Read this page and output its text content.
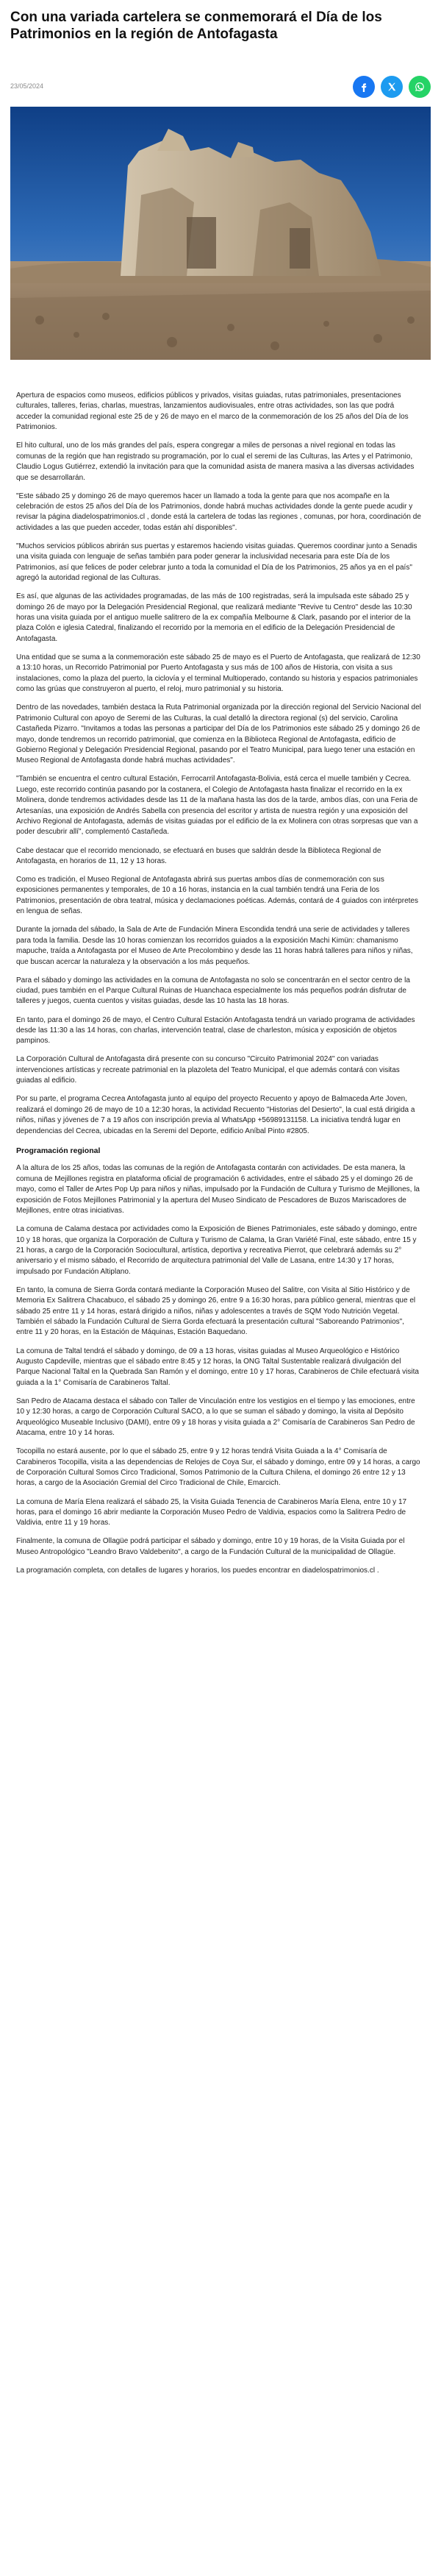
Con una variada cartelera se conmemorará el Día de los Patrimonios en la región de Antofagasta
23/05/2024

Apertura de espacios como museos, edificios públicos y privados, visitas guiadas, rutas patrimoniales, presentaciones culturales, talleres, ferias, charlas, muestras, lanzamientos audiovisuales, entre otras actividades, son las que podrá acceder la comunidad regional este 25 de y 26 de mayo en el marco de la conmemoración de los 25 años del Día de los Patrimonios.

El hito cultural, uno de los más grandes del país, espera congregar a miles de personas a nivel regional en todas las comunas de la región que han registrado su programación, por lo cual el seremi de las Culturas, las Artes y el Patrimonio, Claudio Logus Gutiérrez, extendió la invitación para que la comunidad asista de manera masiva a las diversas actividades que se desarrollarán.

"Este sábado 25 y domingo 26 de mayo queremos hacer un llamado a toda la gente para que nos acompañe en la celebración de estos 25 años del Día de los Patrimonios, donde habrá muchas actividades donde la gente puede acudir y revisar la página diadelospatrimonios.cl , donde está la cartelera de todas las regiones , comunas, por hora, coordinación de actividades a las que pueden acceder, todas están ahí disponibles".

"Muchos servicios públicos abrirán sus puertas y estaremos haciendo visitas guiadas. Queremos coordinar junto a Senadis una visita guiada con lenguaje de señas también para poder generar la inclusividad necesaria para este Día de los Patrimonios, así que felices de poder celebrar junto a toda la comunidad el Día de los Patrimonios, 25 años ya en el país" agregó la autoridad regional de las Culturas.

Es así, que algunas de las actividades programadas, de las más de 100 registradas, será la impulsada este sábado 25 y domingo 26 de mayo por la Delegación Presidencial Regional, que realizará mediante "Revive tu Centro" desde las 10:30 horas una visita guiada por el antiguo muelle salitrero de la ex compañía Melbourne & Clark, pasando por el interior de la plaza Colón e iglesia Catedral, finalizando el recorrido por la memoria en el edificio de la Delegación Presidencial de Antofagasta.

Una entidad que se suma a la conmemoración este sábado 25 de mayo es el Puerto de Antofagasta, que realizará de 12:30 a 13:10 horas, un Recorrido Patrimonial por Puerto Antofagasta y sus más de 100 años de Historia, con visita a sus instalaciones, como la plaza del puerto, la ciclovía y el terminal Multioperado, contando su historia y espacios patrimoniales como las grúas que construyeron al puerto, el reloj, muro patrimonial y su historia.

Dentro de las novedades, también destaca la Ruta Patrimonial organizada por la dirección regional del Servicio Nacional del Patrimonio Cultural con apoyo de Seremi de las Culturas, la cual detalló la directora regional (s) del servicio, Carolina Castañeda Pizarro. "Invitamos a todas las personas a participar del Día de los Patrimonios este sábado 25 y domingo 26 de mayo, donde tendremos un recorrido patrimonial, que comienza en la Biblioteca Regional de Antofagasta, edificio de Gobierno Regional y Delegación Presidencial Regional, pasando por el Teatro Municipal, para luego tener una estación en Museo Regional de Antofagasta donde habrá muchas actividades".

"También se encuentra el centro cultural Estación, Ferrocarril Antofagasta-Bolivia, está cerca el muelle también y Cecrea. Luego, este recorrido continúa pasando por la costanera, el Colegio de Antofagasta hasta finalizar el recorrido en la ex Molinera, donde tendremos actividades desde las 11 de la mañana hasta las dos de la tarde, ambos días, con una Feria de Artesanías, una exposición de Andrés Sabella con presencia del escritor y artista de nuestra región y una exposición del Archivo Regional de Antofagasta, además de visitas guiadas por el edificio de la ex Molinera con otras sorpresas que van a poder descubrir allí", complementó Castañeda.

Cabe destacar que el recorrido mencionado, se efectuará en buses que saldrán desde la Biblioteca Regional de Antofagasta, en horarios de 11, 12 y 13 horas.

Como es tradición, el Museo Regional de Antofagasta abrirá sus puertas ambos días de conmemoración con sus exposiciones permanentes y temporales, de 10 a 16 horas, instancia en la cual también tendrá una Feria de los Patrimonios, presentación de obra teatral, música y declamaciones poéticas. Además, contará de 4 guiados con intérpretes en lengua de señas.

Durante la jornada del sábado, la Sala de Arte de Fundación Minera Escondida tendrá una serie de actividades y talleres para toda la familia. Desde las 10 horas comienzan los recorridos guiados a la exposición Machi Kimün: chamanismo mapuche, traída a Antofagasta por el Museo de Arte Precolombino y desde las 11 horas habrá talleres para niños y niñas, que buscan acercar la naturaleza y la observación a los más pequeños.

Para el sábado y domingo las actividades en la comuna de Antofagasta no solo se concentrarán en el sector centro de la ciudad, pues también en el Parque Cultural Ruinas de Huanchaca especialmente los más pequeños podrán disfrutar de talleres y juegos, cuenta cuentos y visitas guiadas, desde las 10 hasta las 18 horas.

En tanto, para el domingo 26 de mayo, el Centro Cultural Estación Antofagasta tendrá un variado programa de actividades desde las 11:30 a las 14 horas, con charlas, intervención teatral, clase de charleston, música y exposición de objetos pampinos.

La Corporación Cultural de Antofagasta dirá presente con su concurso "Circuito Patrimonial 2024" con variadas intervenciones artísticas y recreate patrimonial en la plazoleta del Teatro Municipal, el que además contará con visitas guiadas al edificio.

Por su parte, el programa Cecrea Antofagasta junto al equipo del proyecto Recuento y apoyo de Balmaceda Arte Joven, realizará el domingo 26 de mayo de 10 a 12:30 horas, la actividad Recuento "Historias del Desierto", la cual está dirigida a niños, niñas y jóvenes de 7 a 19 años con inscripción previa al WhatsApp +56989131158. La iniciativa tendrá lugar en dependencias del Cecrea, ubicadas en la Seremi del Deporte, edificio Aníbal Pinto #2805.

Programación regional

A la altura de los 25 años, todas las comunas de la región de Antofagasta contarán con actividades. De esta manera, la comuna de Mejillones registra en plataforma oficial de programación 6 actividades, entre el sábado 25 y el domingo 26 de mayo, como el Taller de Artes Pop Up para niños y niñas, impulsado por la Fundación de Cultura y Turismo de Mejillones, la exposición de Fotos Mejillones Patrimonial y la apertura del Museo Sindicato de Pescadores de Buzos Mariscadores de Mejillones, entre otras iniciativas.

La comuna de Calama destaca por actividades como la Exposición de Bienes Patrimoniales, este sábado y domingo, entre 10 y 18 horas, que organiza la Corporación de Cultura y Turismo de Calama, la Gran Variété Final, este sábado, entre 15 y 21 horas, a cargo de la Corporación Sociocultural, artística, deportiva y recreativa Pierrot, que celebrará además su 2° aniversario y el mismo sábado, el Recorrido de arquitectura patrimonial del Valle de Lasana, entre 14:30 y 17 horas, impulsado por Fundación Altiplano.

En tanto, la comuna de Sierra Gorda contará mediante la Corporación Museo del Salitre, con Visita al Sitio Histórico y de Memoria Ex Salitrera Chacabuco, el sábado 25 y domingo 26, entre 9 a 16:30 horas, para público general, mientras que el sábado 25 entre 11 y 14 horas, estará dirigido a niños, niñas y adolescentes a través de SQM Yodo Nutrición Vegetal. También el sábado la Fundación Cultural de Sierra Gorda efectuará la presentación cultural "Saboreando Patrimonios", entre 11 y 20 horas, en la Estación de Máquinas, Estación Baquedano.

La comuna de Taltal tendrá el sábado y domingo, de 09 a 13 horas, visitas guiadas al Museo Arqueológico e Histórico Augusto Capdeville, mientras que el sábado entre 8:45 y 12 horas, la ONG Taltal Sustentable realizará divulgación del Parque Nacional Taltal en la Quebrada San Ramón y el domingo, entre 10 y 17 horas, Carabineros de Chile efectuará visita guiada a la 1° Comisaría de Carabineros Taltal.

San Pedro de Atacama destaca el sábado con Taller de Vinculación entre los vestigios en el tiempo y las emociones, entre 10 y 12:30 horas, a cargo de Corporación Cultural SACO, a lo que se suman el sábado y domingo, la visita al Depósito Arqueológico Museable Inclusivo (DAMI), entre 09 y 18 horas y visita guiada a 2° Comisaría de Carabineros San Pedro de Atacama, entre 10 y 14 horas.

Tocopilla no estará ausente, por lo que el sábado 25, entre 9 y 12 horas tendrá Visita Guiada a la 4° Comisaría de Carabineros Tocopilla, visita a las dependencias de Relojes de Coya Sur, el sábado y domingo, entre 09 y 14 horas, a cargo de Corporación Cultural Somos Circo Tradicional, Somos Patrimonio de la Cultura Chilena, el domingo 26 entre 12 y 13 horas, a cargo de la Asociación Gremial del Circo Tradicional de Chile, Emarcich.

La comuna de María Elena realizará el sábado 25, la Visita Guiada Tenencia de Carabineros María Elena, entre 10 y 17 horas, para el domingo 16 abrir mediante la Corporación Museo Pedro de Valdivia, espacios como la Salitrera Pedro de Valdivia, entre 11 y 19 horas.

Finalmente, la comuna de Ollagüe podrá participar el sábado y domingo, entre 10 y 19 horas, de la Visita Guiada por el Museo Antropológico "Leandro Bravo Valdebenito", a cargo de la Fundación Cultural de la municipalidad de Ollagüe.

La programación completa, con detalles de lugares y horarios, los puedes encontrar en diadelospatrimonios.cl .
